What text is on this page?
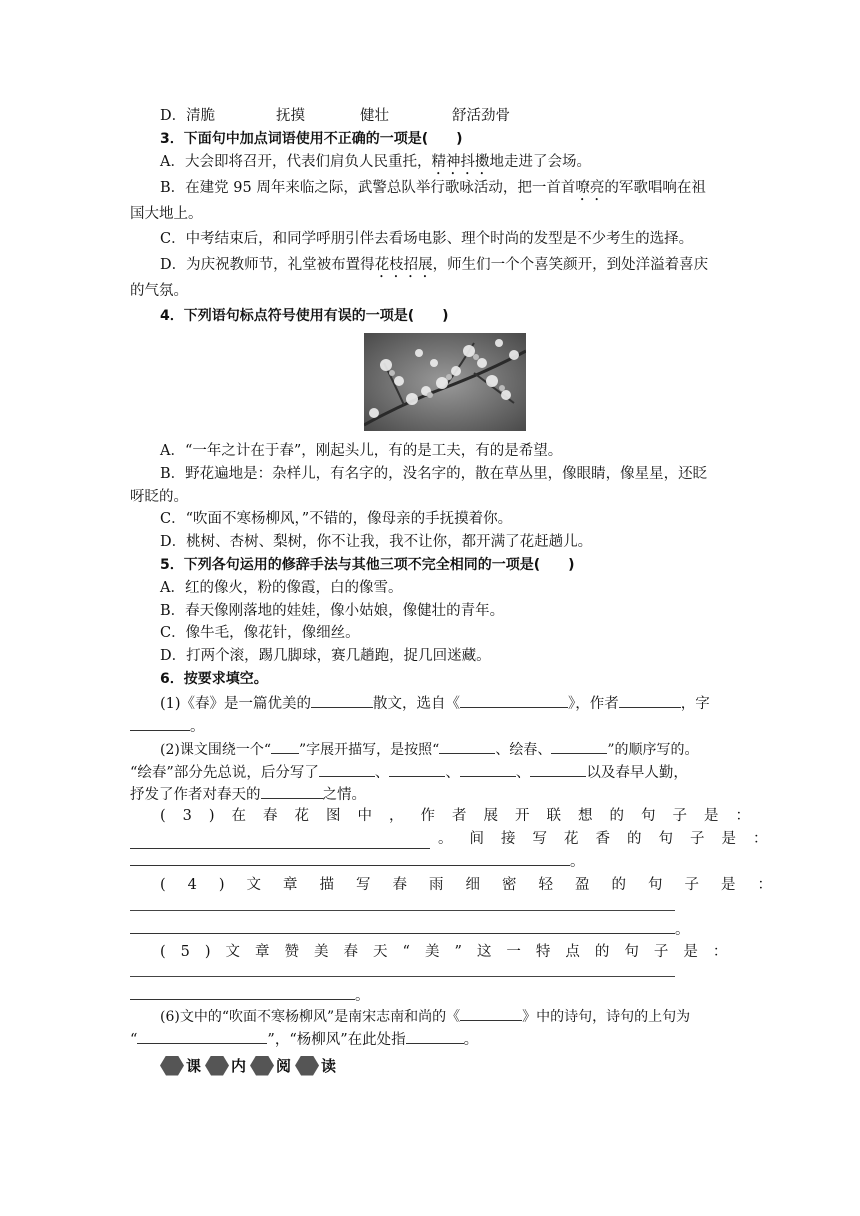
D．清脆	抚摸	健壮	舒活劲骨
3．下面句中加点词语使用不正确的一项是(　　)
A．大会即将召开，代表们肩负人民重托，精神抖擞地走进了会场。
B．在建党 95 周年来临之际，武警总队举行歌咏活动，把一首首嘹亮的军歌唱响在祖
国大地上。
C．中考结束后，和同学呼朋引伴去看场电影、理个时尚的发型是不少考生的选择。
D．为庆祝教师节，礼堂被布置得花枝招展，师生们一个个喜笑颜开，到处洋溢着喜庆
的气氛。
4．下列语句标点符号使用有误的一项是(　　)
A．“一年之计在于春”，刚起头儿，有的是工夫，有的是希望。
B．野花遍地是：杂样儿，有名字的，没名字的，散在草丛里，像眼睛，像星星，还眨
呀眨的。
C．“吹面不寒杨柳风，”不错的，像母亲的手抚摸着你。
D．桃树、杏树、梨树，你不让我，我不让你，都开满了花赶趟儿。
5．下列各句运用的修辞手法与其他三项不完全相同的一项是(　　)
A．红的像火，粉的像霞，白的像雪。
B．春天像刚落地的娃娃，像小姑娘，像健壮的青年。
C．像牛毛，像花针，像细丝。
D．打两个滚，踢几脚球，赛几趟跑，捉几回迷藏。
6．按要求填空。
(1)《春》是一篇优美的	散文，选自《	》，作者	，字
。
(2)课文围绕一个“ ”字展开描写，是按照“	、绘春、	”的顺序写的。
“绘春”部分先总说，后分写了	、	、	、	以及春早人勤，
抒发了作者对春天的	之情。
(3)在春花图中，作者展开联想的句子是：
。间接写花香的句子是：
。
(4)文章描写春雨细密轻盈的句子是：
。
(5)文章赞美春天“美”这一特点的句子是：
。
(6)文中的“吹面不寒杨柳风”是南宋志南和尚的《	》中的诗句，诗句的上句为
“	”，“杨柳风”在此处指	。
课 内 阅 读
